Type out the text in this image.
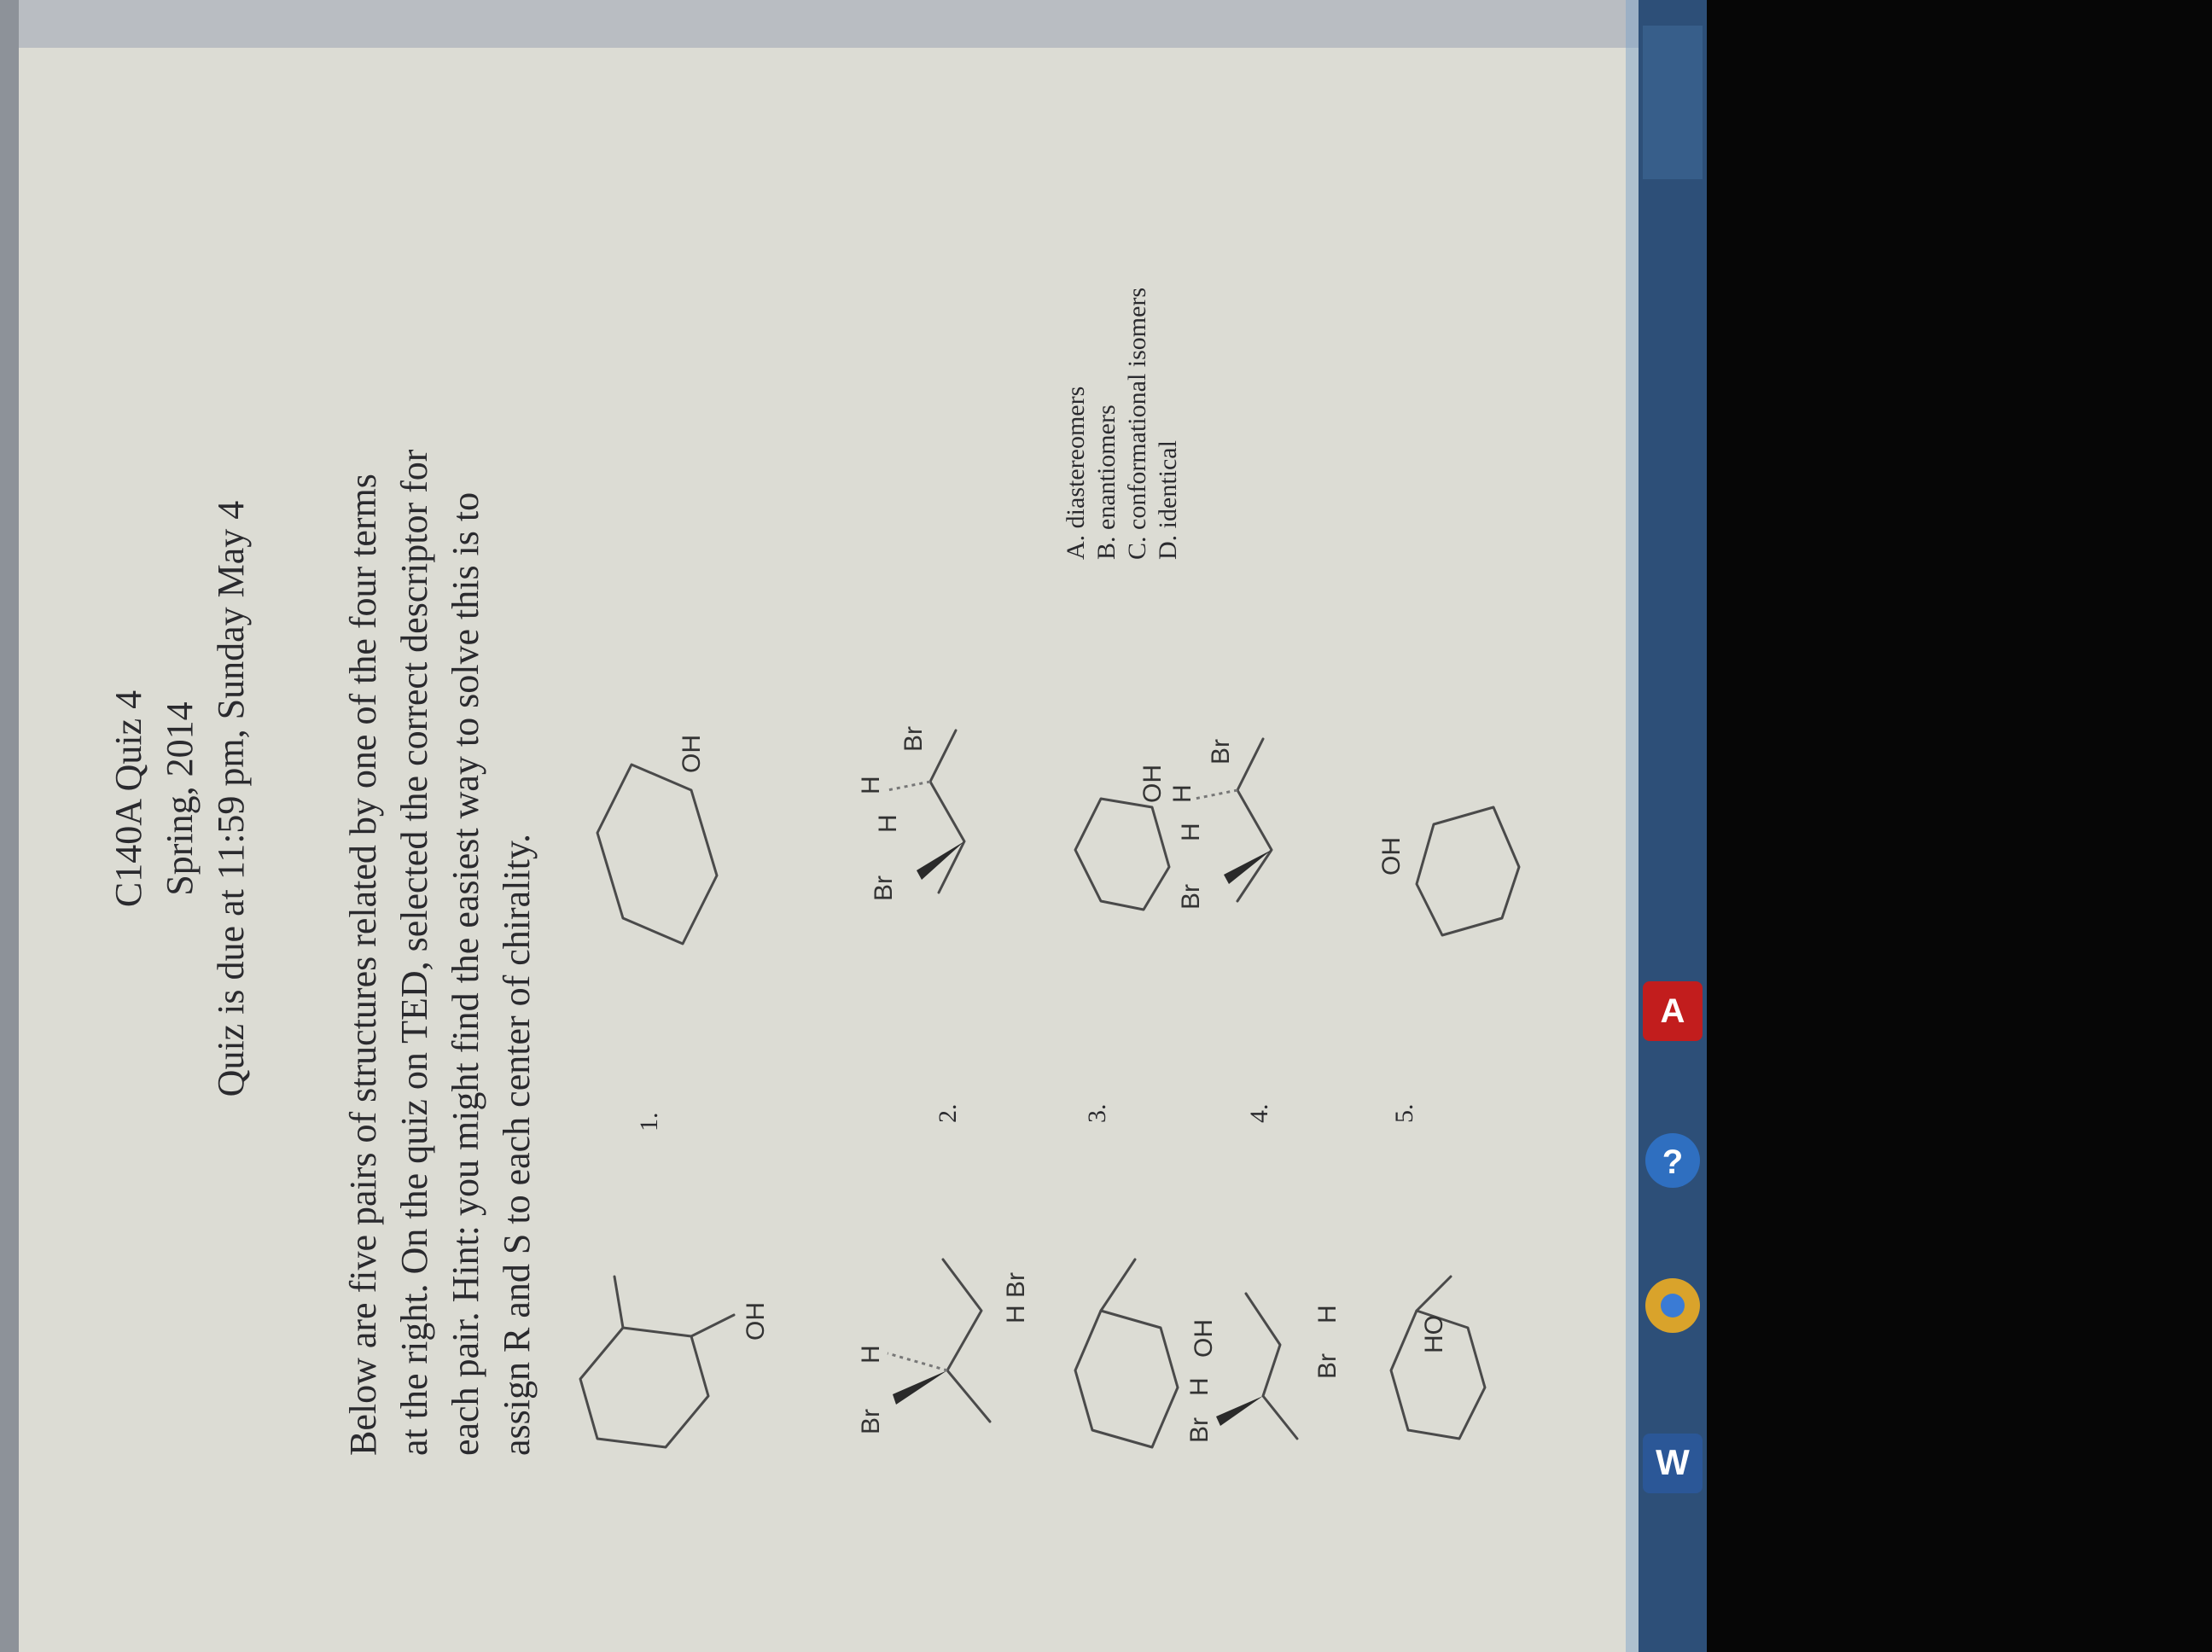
C140A Quiz 4 Spring, 2014 Quiz is due at 11:59 pm, Sunday May 4 Below are five pairs of structures related by one of the four terms at the right. On the quiz on TED, selected the correct descriptor for each pair. Hint: you might find the easiest way to solve this is to assign R and S to each center of chirality.
A. diastereomers B. enantiomers C. conformational isomers D. identical
1.
OH
OH
2.
Br
H
H
Br
Br
H
H
Br
3.
OH
OH
4.
Br
H
Br
H
Br
H
H
Br
5.
HO
OH
W
?
A
